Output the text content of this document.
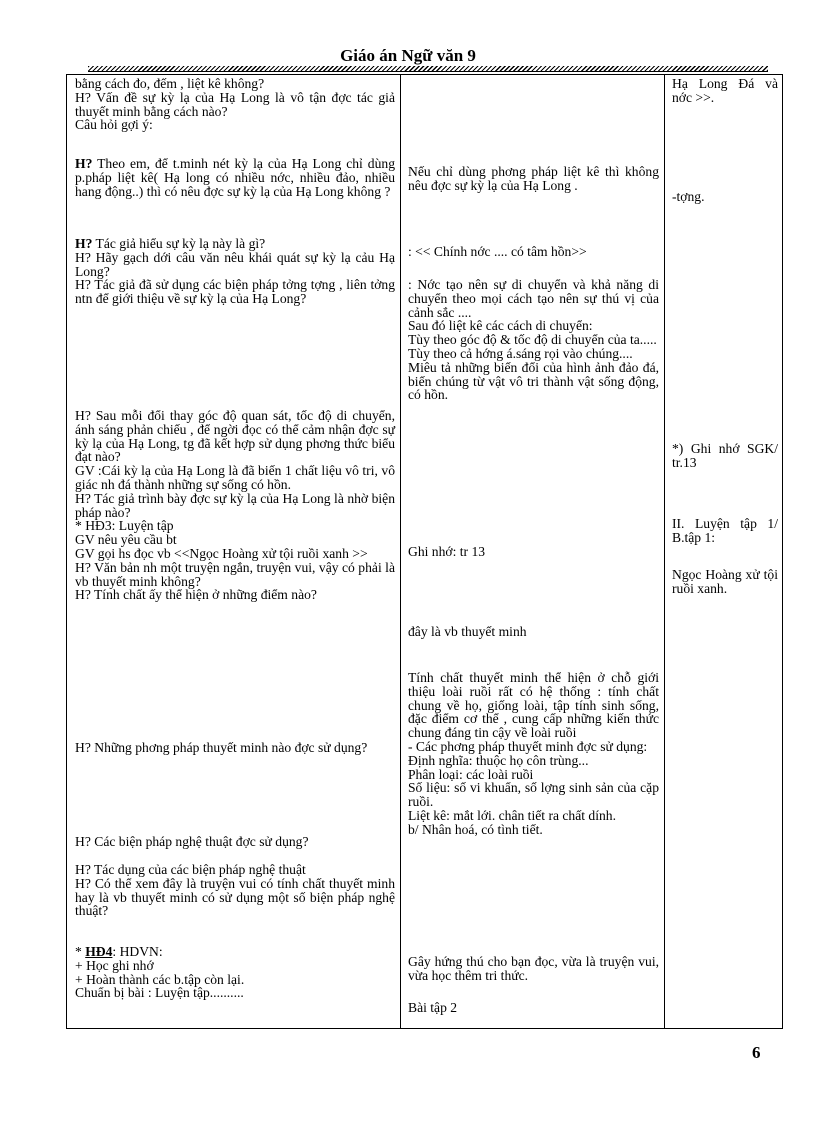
Giáo án Ngữ văn 9
bằng cách đo, đếm , liệt kê không?
H? Vấn đề sự kỳ lạ của Hạ Long là vô tận đợc tác giả thuyết minh bằng cách nào?
Câu hỏi gợi ý:
H? Theo em, để t.minh nét kỳ lạ của Hạ Long chỉ dùng p.pháp liệt kê( Hạ long có nhiều nớc, nhiều đảo, nhiều hang động..) thì có nêu đợc sự kỳ lạ của Hạ Long không ?
H? Tác giả hiểu sự kỳ lạ này là gì?
H? Hãy gạch dới câu văn nêu khái quát sự kỳ lạ cảu Hạ Long?
H? Tác giả đã sử dụng các biện pháp tởng tợng , liên tởng ntn để giới thiệu về sự kỳ lạ của Hạ Long?
H? Sau mỗi đổi thay góc độ quan sát, tốc độ di chuyển, ánh sáng phản chiếu , để ngời đọc có thể cảm nhận đợc sự kỳ lạ của Hạ Long, tg đã kết hợp sử dụng phơng thức biểu đạt nào?
GV :Cái kỳ lạ của Hạ Long là đã biến 1 chất liệu vô tri, vô giác nh đá thành những sự sống có hồn.
H? Tác giả trình bày đợc sự kỳ lạ của Hạ Long là nhờ biện pháp nào?
* HĐ3: Luyện tập
GV nêu yêu cầu bt
GV gọi hs đọc vb <<Ngọc Hoàng xử tội ruồi xanh >>
H? Văn bản nh một truyện ngắn, truyện vui, vậy có phải là vb thuyết minh không?
H? Tính chất ấy thể hiện ở những điểm nào?
H? Những phơng pháp thuyết minh nào đợc sử dụng?
H? Các biện pháp nghệ thuật đợc sử dụng?
H? Tác dụng của các biện pháp nghệ thuật
H? Có thể xem đây là truyện vui có tính chất thuyết minh hay là vb thuyết minh có sử dụng một số biện pháp nghệ thuật?
* HĐ4: HDVN:
+ Học ghi nhớ
+ Hoàn thành các b.tập còn lại.
Chuẩn bị bài : Luyện tập..........
Nếu chỉ dùng phơng pháp liệt kê thì không nêu đợc sự kỳ lạ của Hạ Long .
: << Chính nớc .... có tâm hồn>>
: Nớc tạo nên sự di chuyển và khả năng di chuyển theo mọi cách tạo nên sự thú vị của cảnh sắc ....
Sau đó liệt kê các cách di chuyển:
Tùy theo góc độ & tốc độ di chuyển của ta.....
Tùy theo cả hớng á.sáng rọi vào chúng....
Miêu tả những biến đổi của hình ảnh đảo đá, biến chúng từ vật vô tri thành vật sống động, có hồn.
Ghi nhớ: tr 13
đây là vb thuyết minh
Tính chất thuyết minh thể hiện ở chỗ giới thiệu loài ruồi rất có hệ thống : tính chất chung về họ, giống loài, tập tính sinh sống, đặc điểm cơ thể , cung cấp những kiến thức chung đáng tin cậy về loài ruồi
- Các phơng pháp thuyết minh đợc sử dụng:
Định nghĩa: thuộc họ côn trùng...
Phân loại: các loài ruồi
Số liệu: số vi khuẩn, số lợng sinh sản của cặp ruồi.
Liệt kê: mắt lới. chân tiết ra chất dính.
b/ Nhân hoá, có tình tiết.
Gây hứng thú cho bạn đọc, vừa là truyện vui, vừa học thêm tri thức.
Bài tập 2
Hạ Long Đá và nớc >>.
-tợng.
*) Ghi nhớ SGK/ tr.13
II. Luyện tập 1/ B.tập 1:
Ngọc Hoàng xử tội ruồi xanh.
6
